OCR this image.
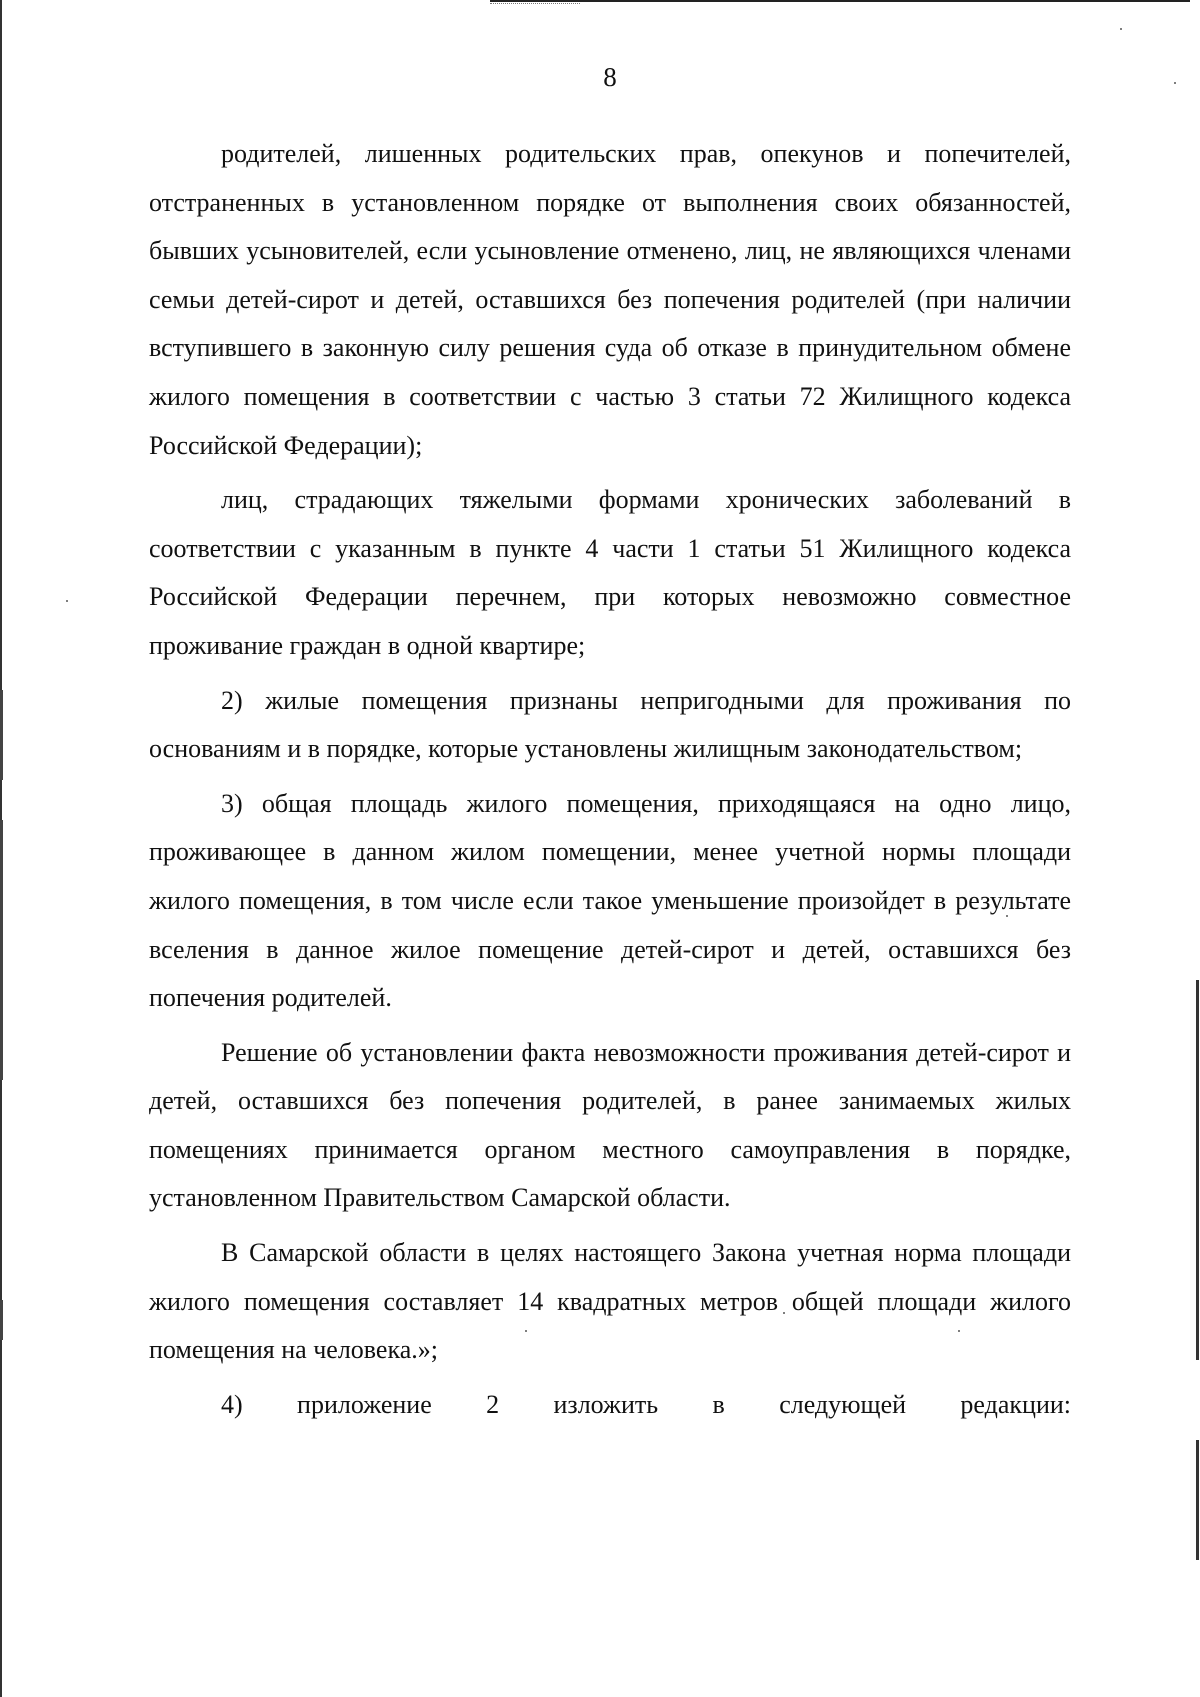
8

родителей, лишенных родительских прав, опекунов и попечителей, отстраненных в установленном порядке от выполнения своих обязанностей, бывших усыновителей, если усыновление отменено, лиц, не являющихся членами семьи детей-сирот и детей, оставшихся без попечения родителей (при наличии вступившего в законную силу решения суда об отказе в принудительном обмене жилого помещения в соответствии с частью 3 статьи 72 Жилищного кодекса Российской Федерации);

лиц, страдающих тяжелыми формами хронических заболеваний в соответствии с указанным в пункте 4 части 1 статьи 51 Жилищного кодекса Российской Федерации перечнем, при которых невозможно совместное проживание граждан в одной квартире;

2) жилые помещения признаны непригодными для проживания по основаниям и в порядке, которые установлены жилищным законодательством;

3) общая площадь жилого помещения, приходящаяся на одно лицо, проживающее в данном жилом помещении, менее учетной нормы площади жилого помещения, в том числе если такое уменьшение произойдет в результате вселения в данное жилое помещение детей-сирот и детей, оставшихся без попечения родителей.

Решение об установлении факта невозможности проживания детей-сирот и детей, оставшихся без попечения родителей, в ранее занимаемых жилых помещениях принимается органом местного самоуправления в порядке, установленном Правительством Самарской области.

В Самарской области в целях настоящего Закона учетная норма площади жилого помещения составляет 14 квадратных метров общей площади жилого помещения на человека.»;

4) приложение 2 изложить в следующей редакции:
